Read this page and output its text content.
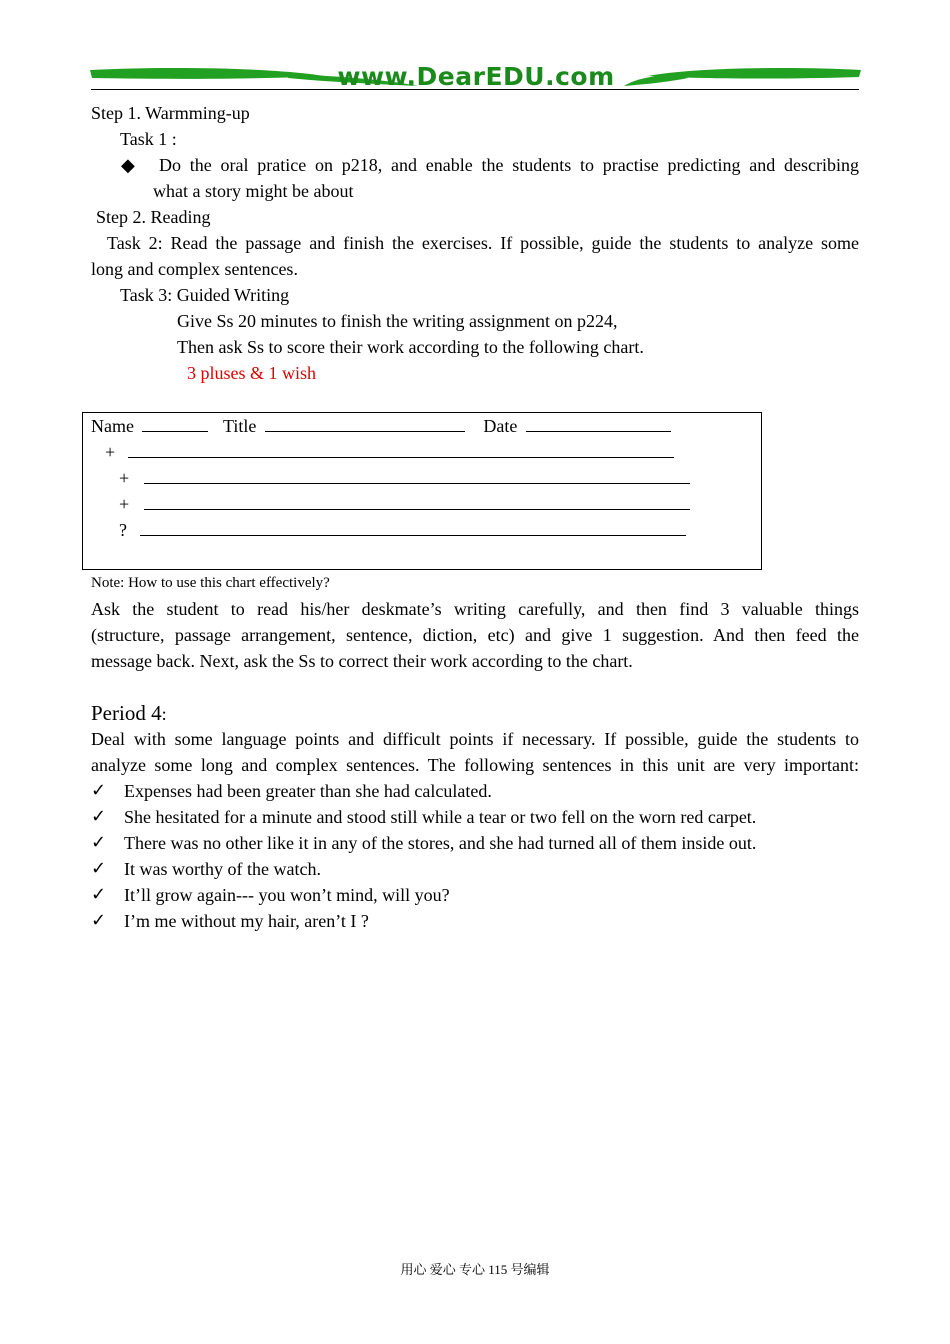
www.DearEDU.com
Step 1. Warmming-up
Task 1 :
◆ Do the oral pratice on p218, and enable the students to practise predicting and describing
what a story might be about
Step 2. Reading
Task 2: Read the passage and finish the exercises. If possible, guide the students to analyze some
long and complex sentences.
Task 3: Guided Writing
Give Ss 20 minutes to finish the writing assignment on p224,
Then ask Ss to score their work according to the following chart.
3 pluses & 1 wish
Name	Title	Date
+
+
+
?
Note: How to use this chart effectively?
Ask the student to read his/her deskmate’s writing carefully, and then find 3 valuable things
(structure, passage arrangement, sentence, diction, etc) and give 1 suggestion. And then feed the
message back. Next, ask the Ss to correct their work according to the chart.
Period 4:
Deal with some language points and difficult points if necessary. If possible, guide the students to
analyze some long and complex sentences. The following sentences in this unit are very important:
✓ Expenses had been greater than she had calculated.
✓ She hesitated for a minute and stood still while a tear or two fell on the worn red carpet.
✓ There was no other like it in any of the stores, and she had turned all of them inside out.
✓ It was worthy of the watch.
✓ It’ll grow again--- you won’t mind, will you?
✓ I’m me without my hair, aren’t I ?
用心 爱心 专心 115 号编辑
